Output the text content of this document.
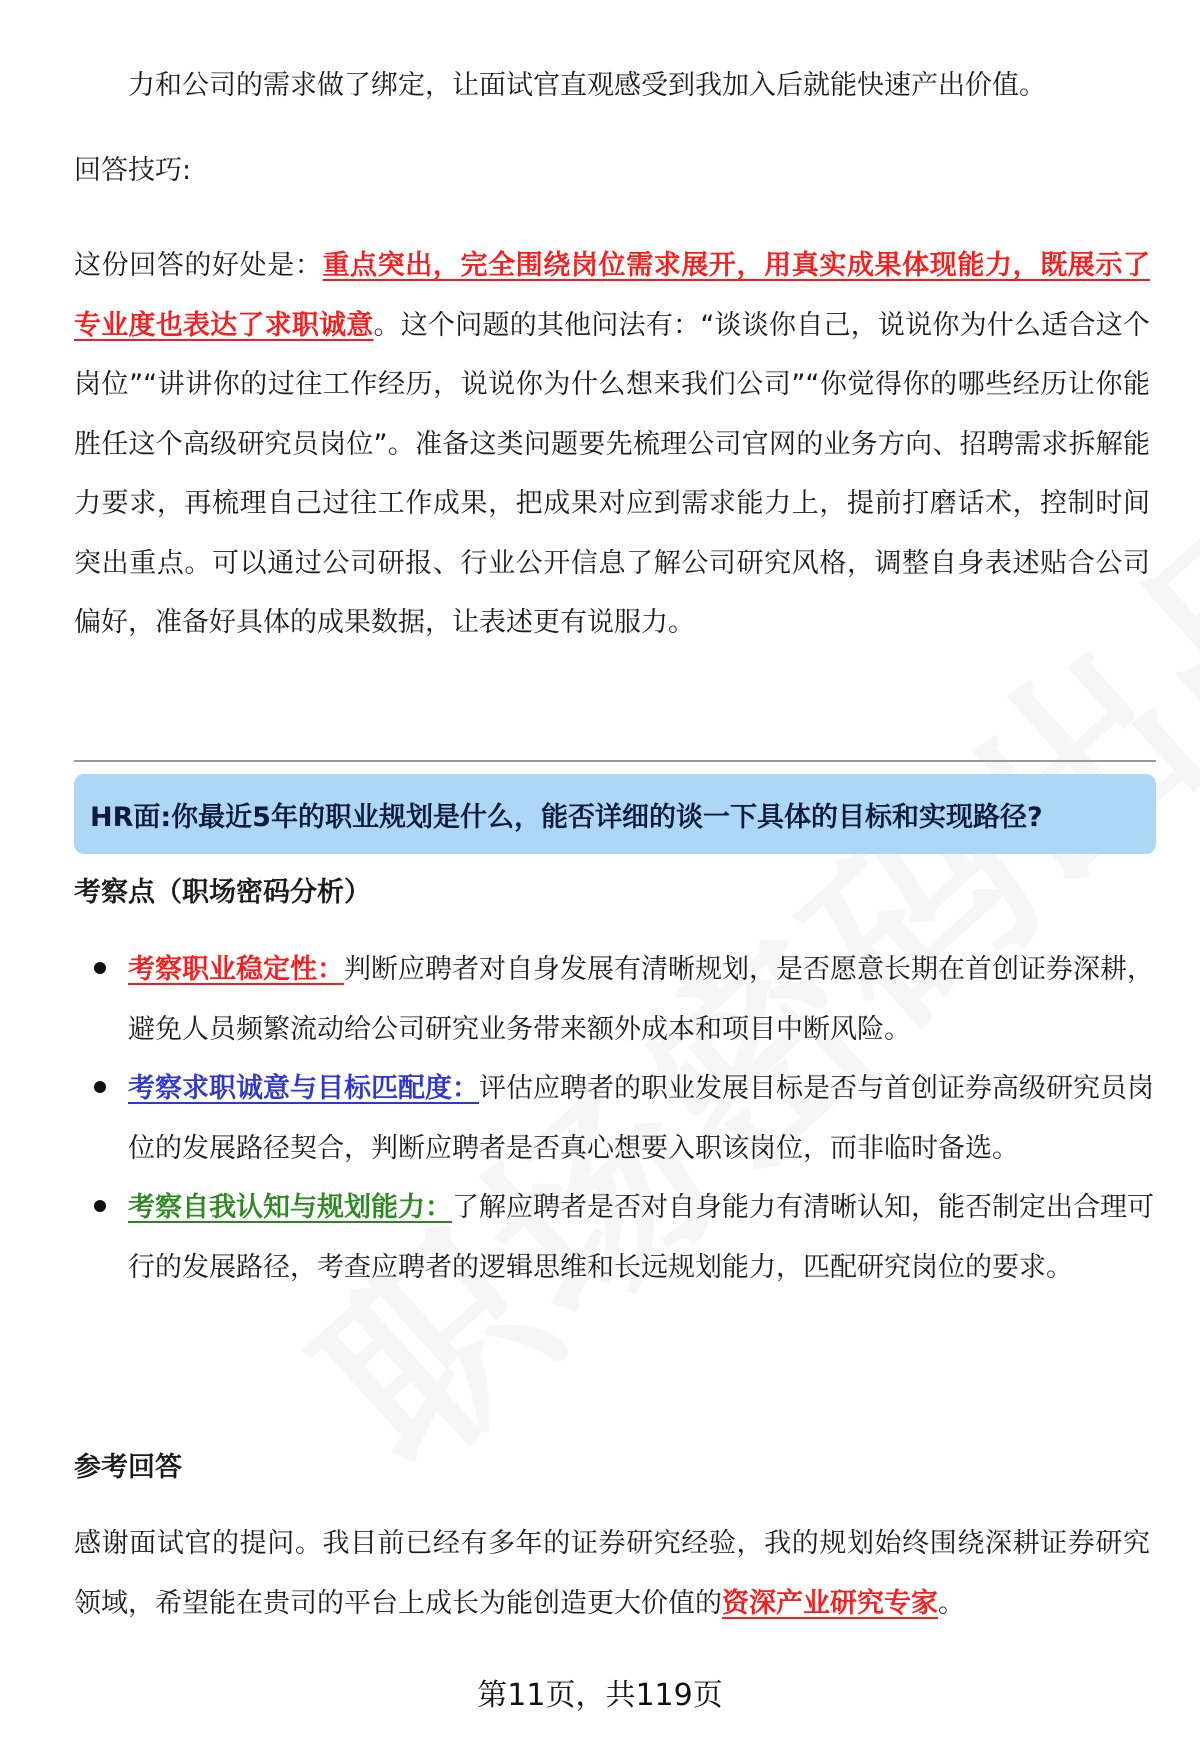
力和公司的需求做了绑定，让面试官直观感受到我加入后就能快速产出价值。

回答技巧:

这份回答的好处是：重点突出，完全围绕岗位需求展开，用真实成果体现能力，既展示了专业度也表达了求职诚意。这个问题的其他问法有：“谈谈你自己，说说你为什么适合这个岗位”“讲讲你的过往工作经历，说说你为什么想来我们公司”“你觉得你的哪些经历让你能胜任这个高级研究员岗位”。准备这类问题要先梳理公司官网的业务方向、招聘需求拆解能力要求，再梳理自己过往工作成果，把成果对应到需求能力上，提前打磨话术，控制时间突出重点。可以通过公司研报、行业公开信息了解公司研究风格，调整自身表述贴合公司偏好，准备好具体的成果数据，让表述更有说服力。

HR面:你最近5年的职业规划是什么，能否详细的谈一下具体的目标和实现路径?

考察点（职场密码分析）

考察职业稳定性：判断应聘者对自身发展有清晰规划，是否愿意长期在首创证券深耕，避免人员频繁流动给公司研究业务带来额外成本和项目中断风险。
考察求职诚意与目标匹配度：评估应聘者的职业发展目标是否与首创证券高级研究员岗位的发展路径契合，判断应聘者是否真心想要入职该岗位，而非临时备选。
考察自我认知与规划能力：了解应聘者是否对自身能力有清晰认知，能否制定出合理可行的发展路径，考查应聘者的逻辑思维和长远规划能力，匹配研究岗位的要求。

参考回答

感谢面试官的提问。我目前已经有多年的证券研究经验，我的规划始终围绕深耕证券研究领域，希望能在贵司的平台上成长为能创造更大价值的资深产业研究专家。

第11页，共119页
